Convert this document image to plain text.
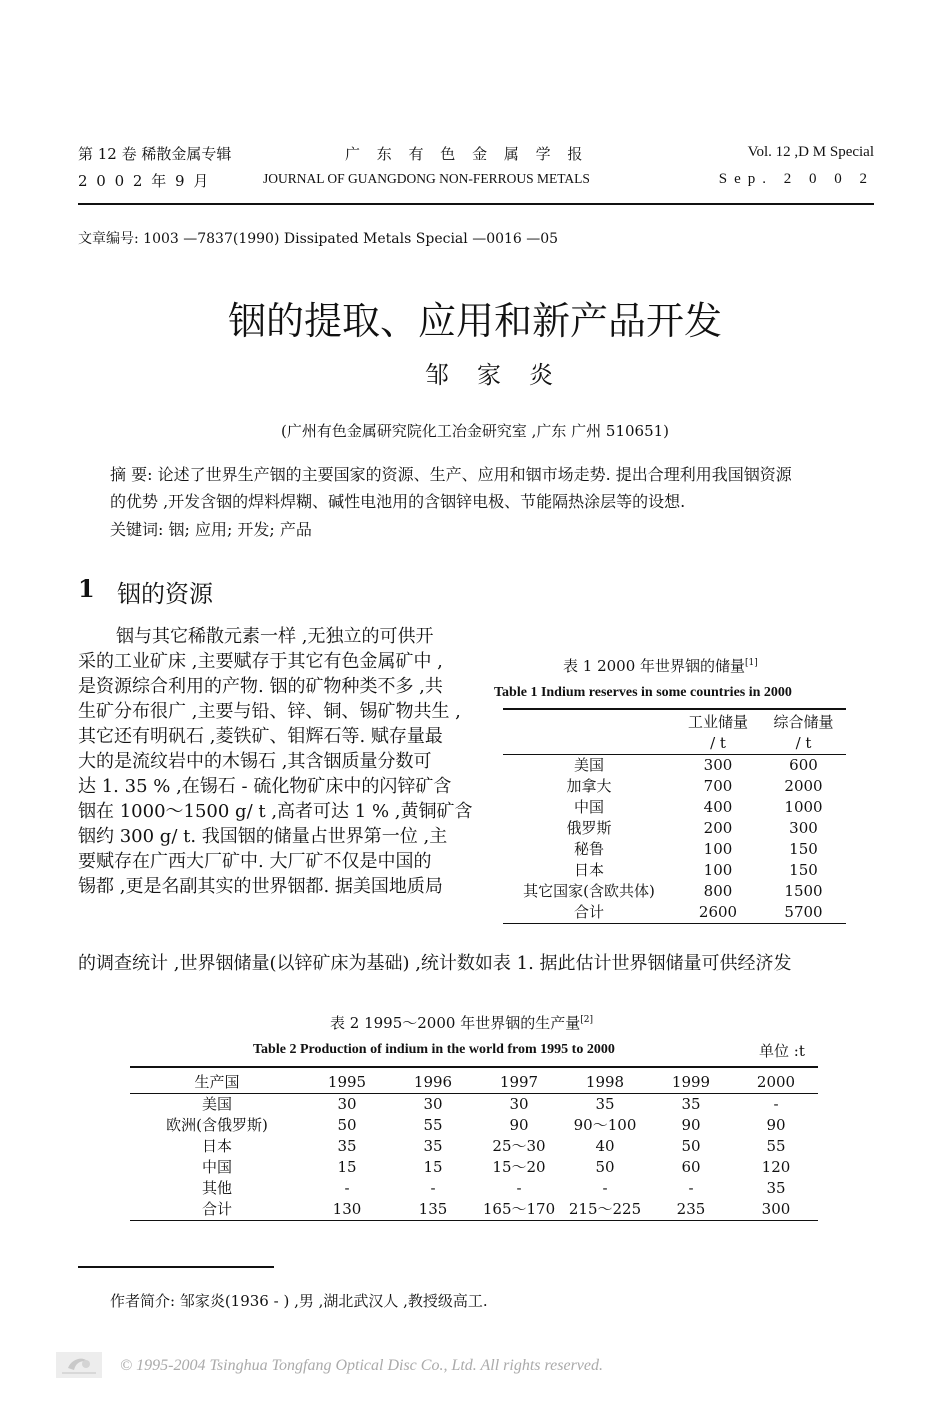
第 12 卷 稀散金属专辑
2 0 0 2 年 9 月
广 东 有 色 金 属 学 报
JOURNAL OF GUANGDONG NON-FERROUS METALS
Vol. 12 ,D M Special
Sep. 2 0 0 2
文章编号: 1003 —7837(1990) Dissipated Metals Special —0016 —05
铟的提取、应用和新产品开发
邹家炎
(广州有色金属研究院化工冶金研究室 ,广东 广州 510651)
摘 要: 论述了世界生产铟的主要国家的资源、生产、应用和铟市场走势. 提出合理利用我国铟资源
的优势 ,开发含铟的焊料焊糊、碱性电池用的含铟锌电极、节能隔热涂层等的设想.
关键词: 铟; 应用; 开发; 产品
1 铟的资源
铟与其它稀散元素一样 ,无独立的可供开
采的工业矿床 ,主要赋存于其它有色金属矿中 ,
是资源综合利用的产物. 铟的矿物种类不多 ,共
生矿分布很广 ,主要与铅、锌、铜、锡矿物共生 ,
其它还有明矾石 ,菱铁矿、钼辉石等. 赋存量最
大的是流纹岩中的木锡石 ,其含铟质量分数可
达 1. 35 % ,在锡石 - 硫化物矿床中的闪锌矿含
铟在 1000～1500 g/ t ,高者可达 1 % ,黄铜矿含
铟约 300 g/ t. 我国铟的储量占世界第一位 ,主
要赋存在广西大厂矿中. 大厂矿不仅是中国的
锡都 ,更是名副其实的世界铟都. 据美国地质局
的调查统计 ,世界铟储量(以锌矿床为基础) ,统计数如表 1. 据此估计世界铟储量可供经济发
表 1 2000 年世界铟的储量[1]
Table 1 Indium reserves in some countries in 2000
	工业储量	综合储量
	/ t	/ t
美国	300	600
加拿大	700	2000
中国	400	1000
俄罗斯	200	300
秘鲁	100	150
日本	100	150
其它国家(含欧共体)	800	1500
合计	2600	5700
表 2 1995～2000 年世界铟的生产量[2]
Table 2 Production of indium in the world from 1995 to 2000	单位 :t
生产国	1995	1996	1997	1998	1999	2000
美国	30	30	30	35	35	-
欧洲(含俄罗斯)	50	55	90	90～100	90	90
日本	35	35	25～30	40	50	55
中国	15	15	15～20	50	60	120
其他	-	-	-	-	-	35
合计	130	135	165～170	215～225	235	300
作者简介: 邹家炎(1936 - ) ,男 ,湖北武汉人 ,教授级高工.
© 1995-2004 Tsinghua Tongfang Optical Disc Co., Ltd. All rights reserved.
